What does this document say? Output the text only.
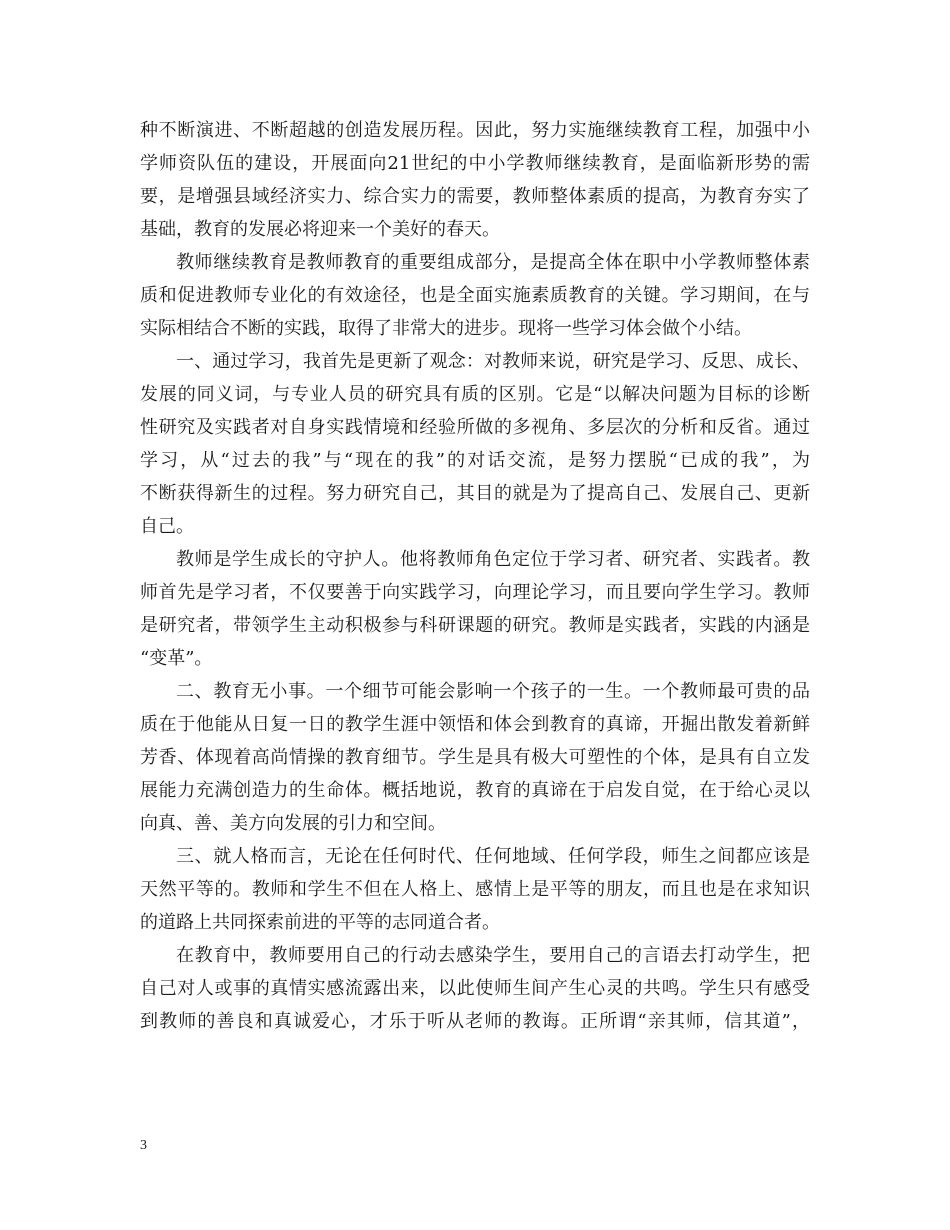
种不断演进、不断超越的创造发展历程。因此，努力实施继续教育工程，加强中小
学师资队伍的建设，开展面向21世纪的中小学教师继续教育，是面临新形势的需
要，是增强县域经济实力、综合实力的需要，教师整体素质的提高，为教育夯实了
基础，教育的发展必将迎来一个美好的春天。
教师继续教育是教师教育的重要组成部分，是提高全体在职中小学教师整体素
质和促进教师专业化的有效途径，也是全面实施素质教育的关键。学习期间，在与
实际相结合不断的实践，取得了非常大的进步。现将一些学习体会做个小结。
一、通过学习，我首先是更新了观念：对教师来说，研究是学习、反思、成长、
发展的同义词，与专业人员的研究具有质的区别。它是“以解决问题为目标的诊断
性研究及实践者对自身实践情境和经验所做的多视角、多层次的分析和反省。通过
学习，从“过去的我”与“现在的我”的对话交流，是努力摆脱“已成的我”，为
不断获得新生的过程。努力研究自己，其目的就是为了提高自己、发展自己、更新
自己。
教师是学生成长的守护人。他将教师角色定位于学习者、研究者、实践者。教
师首先是学习者，不仅要善于向实践学习，向理论学习，而且要向学生学习。教师
是研究者，带领学生主动积极参与科研课题的研究。教师是实践者，实践的内涵是
“变革”。
二、教育无小事。一个细节可能会影响一个孩子的一生。一个教师最可贵的品
质在于他能从日复一日的教学生涯中领悟和体会到教育的真谛，开掘出散发着新鲜
芳香、体现着高尚情操的教育细节。学生是具有极大可塑性的个体，是具有自立发
展能力充满创造力的生命体。概括地说，教育的真谛在于启发自觉，在于给心灵以
向真、善、美方向发展的引力和空间。
三、就人格而言，无论在任何时代、任何地域、任何学段，师生之间都应该是
天然平等的。教师和学生不但在人格上、感情上是平等的朋友，而且也是在求知识
的道路上共同探索前进的平等的志同道合者。
在教育中，教师要用自己的行动去感染学生，要用自己的言语去打动学生，把
自己对人或事的真情实感流露出来，以此使师生间产生心灵的共鸣。学生只有感受
到教师的善良和真诚爱心，才乐于听从老师的教诲。正所谓“亲其师，信其道”，
3
